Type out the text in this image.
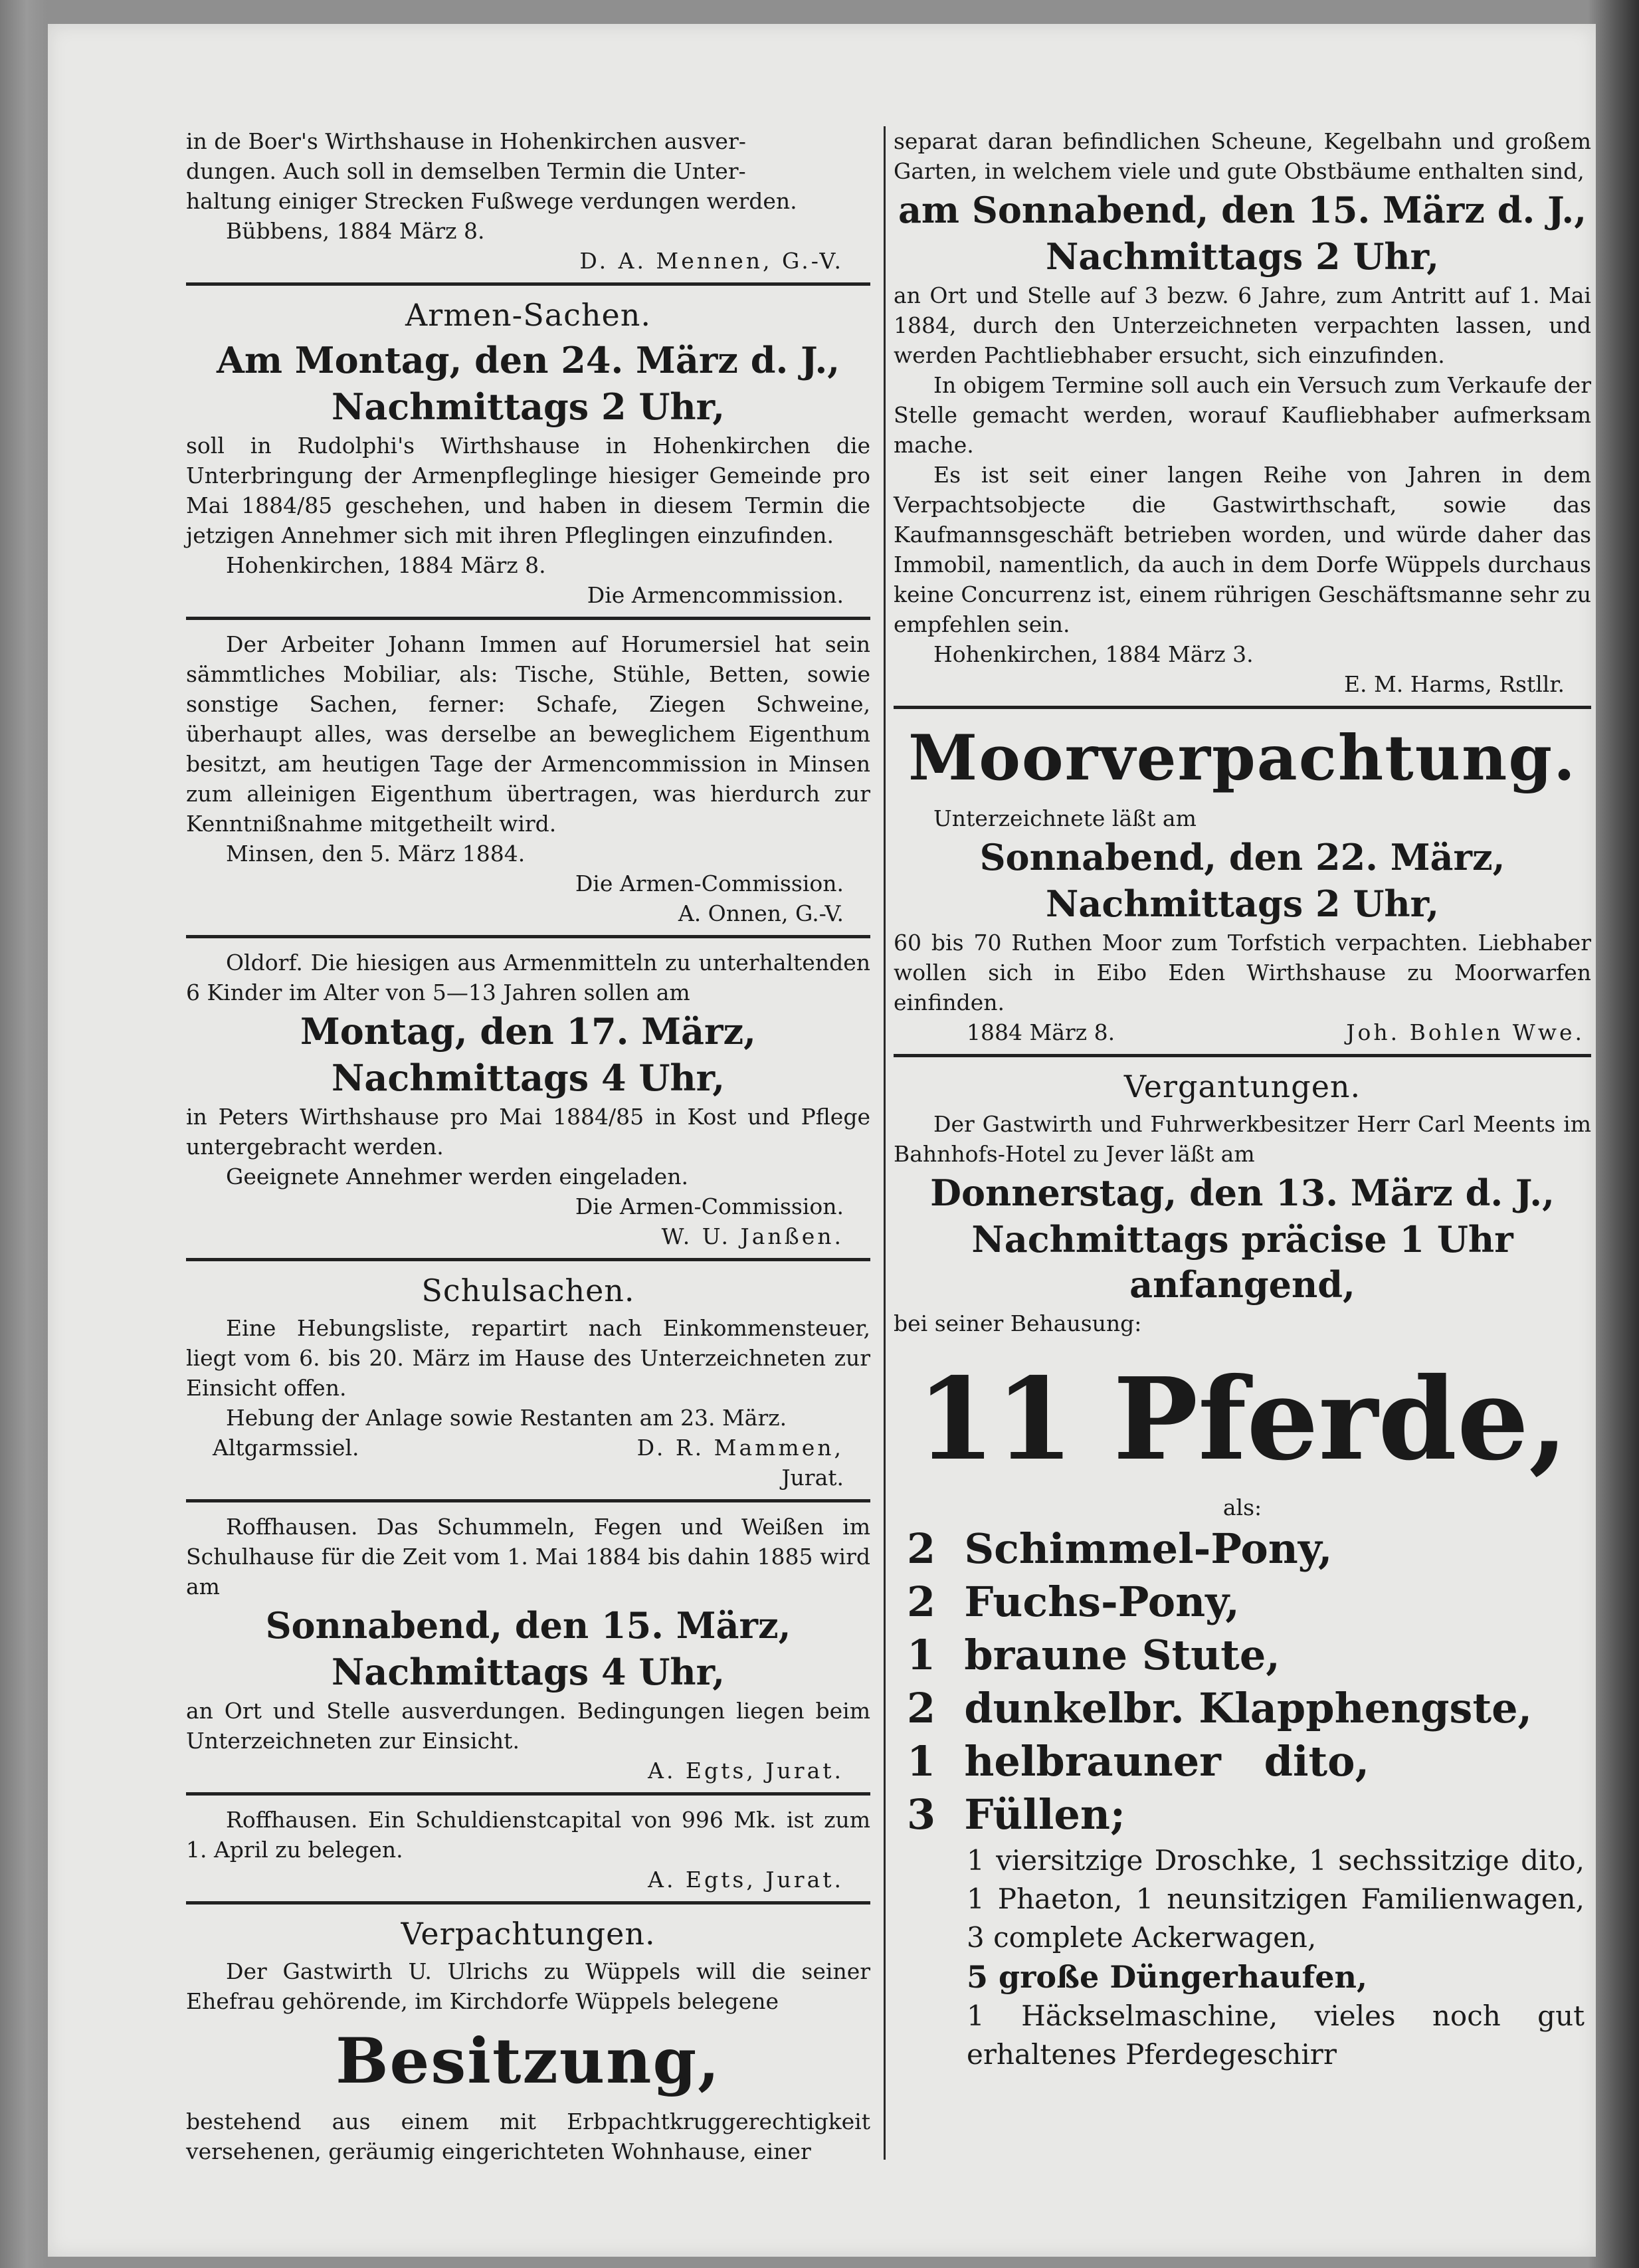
in de Boer's Wirthshause in Hohenkirchen ausver-

dungen. Auch soll in demselben Termin die Unter-

haltung einiger Strecken Fußwege verdungen werden.

Bübbens, 1884 März 8.

D. A. Mennen, G.-V.

Armen-Sachen.
Am Montag, den 24. März d. J.,
Nachmittags 2 Uhr,

soll in Rudolphi's Wirthshause in Hohenkirchen die Unterbringung der Armenpfleglinge hiesiger Gemeinde pro Mai 1884/85 geschehen, und haben in diesem Termin die jetzigen Annehmer sich mit ihren Pfleglingen einzufinden.

Hohenkirchen, 1884 März 8.

Die Armencommission.

Der Arbeiter Johann Immen auf Horumersiel hat sein sämmtliches Mobiliar, als: Tische, Stühle, Betten, sowie sonstige Sachen, ferner: Schafe, Ziegen Schweine, überhaupt alles, was derselbe an beweglichem Eigenthum besitzt, am heutigen Tage der Armencommission in Minsen zum alleinigen Eigenthum übertragen, was hierdurch zur Kenntnißnahme mitgetheilt wird.

Minsen, den 5. März 1884.

Die Armen-Commission.

A. Onnen, G.-V.

Oldorf. Die hiesigen aus Armenmitteln zu unterhaltenden 6 Kinder im Alter von 5—13 Jahren sollen am

Montag, den 17. März,
Nachmittags 4 Uhr,

in Peters Wirthshause pro Mai 1884/85 in Kost und Pflege untergebracht werden.

Geeignete Annehmer werden eingeladen.

Die Armen-Commission.

W. U. Janßen.

Schulsachen.

Eine Hebungsliste, repartirt nach Einkommensteuer, liegt vom 6. bis 20. März im Hause des Unterzeichneten zur Einsicht offen.

Hebung der Anlage sowie Restanten am 23. März.

Altgarmssiel.	D. R. Mammen,

Jurat.

Roffhausen. Das Schummeln, Fegen und Weißen im Schulhause für die Zeit vom 1. Mai 1884 bis dahin 1885 wird am

Sonnabend, den 15. März,
Nachmittags 4 Uhr,

an Ort und Stelle ausverdungen. Bedingungen liegen beim Unterzeichneten zur Einsicht.

A. Egts, Jurat.

Roffhausen. Ein Schuldienstcapital von 996 Mk. ist zum 1. April zu belegen.

A. Egts, Jurat.

Verpachtungen.

Der Gastwirth U. Ulrichs zu Wüppels will die seiner Ehefrau gehörende, im Kirchdorfe Wüppels belegene

Besitzung,

bestehend aus einem mit Erbpachtkruggerechtigkeit versehenen, geräumig eingerichteten Wohnhause, einer

separat daran befindlichen Scheune, Kegelbahn und großem Garten, in welchem viele und gute Obstbäume enthalten sind,

am Sonnabend, den 15. März d. J.,
Nachmittags 2 Uhr,

an Ort und Stelle auf 3 bezw. 6 Jahre, zum Antritt auf 1. Mai 1884, durch den Unterzeichneten verpachten lassen, und werden Pachtliebhaber ersucht, sich einzufinden.

In obigem Termine soll auch ein Versuch zum Verkaufe der Stelle gemacht werden, worauf Kaufliebhaber aufmerksam mache.

Es ist seit einer langen Reihe von Jahren in dem Verpachtsobjecte die Gastwirthschaft, sowie das Kaufmannsgeschäft betrieben worden, und würde daher das Immobil, namentlich, da auch in dem Dorfe Wüppels durchaus keine Concurrenz ist, einem rührigen Geschäftsmanne sehr zu empfehlen sein.

Hohenkirchen, 1884 März 3.

E. M. Harms, Rstllr.

Moorverpachtung.

Unterzeichnete läßt am

Sonnabend, den 22. März,
Nachmittags 2 Uhr,

60 bis 70 Ruthen Moor zum Torfstich verpachten. Liebhaber wollen sich in Eibo Eden Wirthshause zu Moorwarfen einfinden.

1884 März 8.	Joh. Bohlen Wwe.
Vergantungen.

Der Gastwirth und Fuhrwerkbesitzer Herr Carl Meents im Bahnhofs-Hotel zu Jever läßt am

Donnerstag, den 13. März d. J.,
Nachmittags präcise 1 Uhr anfangend,

bei seiner Behausung:

11 Pferde,

als:

2 Schimmel-Pony,
2 Fuchs-Pony,
1 braune Stute,
2 dunkelbr. Klapphengste,
1 helbrauner   dito,
3 Füllen;

1 viersitzige Droschke, 1 sechssitzige dito, 1 Phaeton, 1 neunsitzigen Familienwagen, 3 complete Ackerwagen,

5 große Düngerhaufen,

1 Häckselmaschine, vieles noch gut erhaltenes Pferdegeschirr
